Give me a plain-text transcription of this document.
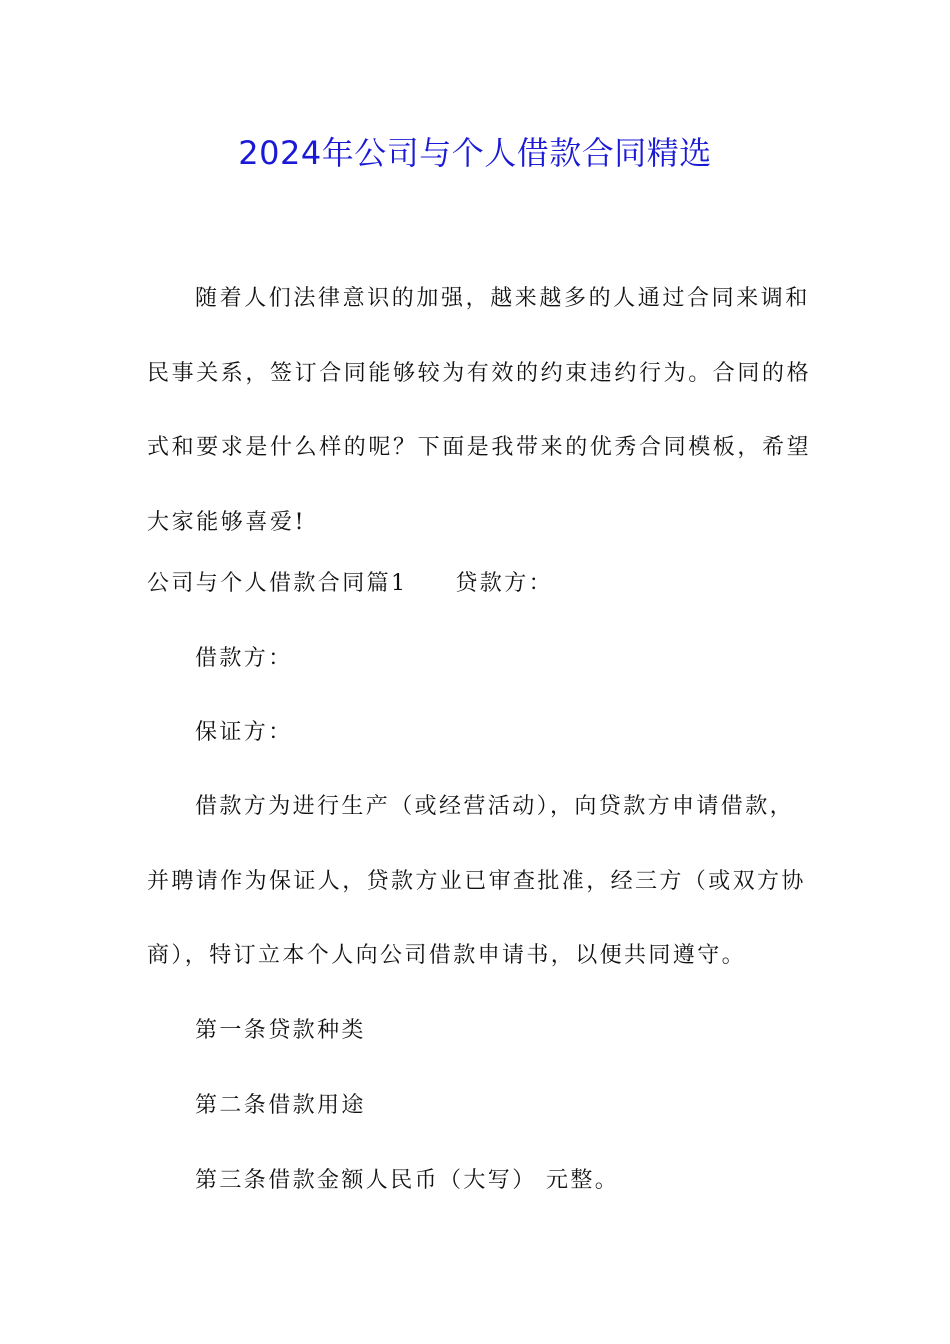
2024年公司与个人借款合同精选
随着人们法律意识的加强，越来越多的人通过合同来调和
民事关系，签订合同能够较为有效的约束违约行为。合同的格
式和要求是什么样的呢？下面是我带来的优秀合同模板，希望
大家能够喜爱!
公司与个人借款合同篇1 贷款方：
借款方：
保证方：
借款方为进行生产（或经营活动），向贷款方申请借款，
并聘请作为保证人，贷款方业已审查批准，经三方（或双方协
商），特订立本个人向公司借款申请书，以便共同遵守。
第一条贷款种类
第二条借款用途
第三条借款金额人民币（大写） 元整。
